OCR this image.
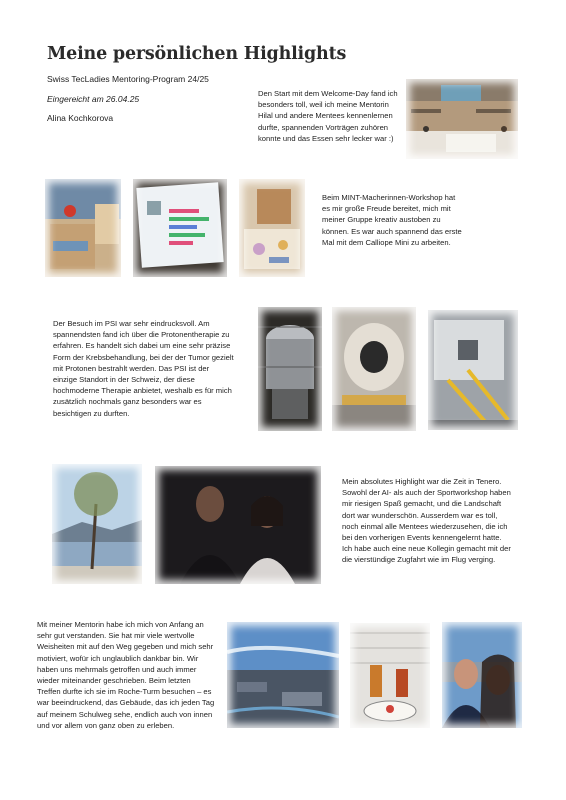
Meine persönlichen Highlights
Swiss TecLadies Mentoring-Program 24/25
Eingereicht am 26.04.25
Alina Kochkorova
Den Start mit dem Welcome-Day fand ich besonders toll, weil ich meine Mentorin Hilal und andere Mentees kennenlernen durfte, spannenden Vorträgen zuhören konnte und das Essen sehr lecker war :)
Beim MINT-Macherinnen-Workshop hat es mir große Freude bereitet, mich mit meiner Gruppe kreativ austoben zu können. Es war auch spannend das erste Mal mit dem Calliope Mini zu arbeiten.
Der Besuch im PSI war sehr eindrucksvoll. Am spannendsten fand ich über die Protonentherapie zu erfahren. Es handelt sich dabei um eine sehr präzise Form der Krebsbehandlung, bei der der Tumor gezielt mit Protonen bestrahlt werden. Das PSI ist der einzige Standort in der Schweiz, der diese hochmoderne Therapie anbietet, weshalb es für mich zusätzlich nochmals ganz besonders war es besichtigen zu durften.
Mein absolutes Highlight war die Zeit in Tenero. Sowohl der AI- als auch der Sportworkshop haben mir riesigen Spaß gemacht, und die Landschaft dort war wunderschön. Ausserdem war es toll, noch einmal alle Mentees wiederzusehen, die ich bei den vorherigen Events kennengelernt hatte. Ich habe auch eine neue Kollegin gemacht mit der die vierstündige Zugfahrt wie im Flug verging.
Mit meiner Mentorin habe ich mich von Anfang an sehr gut verstanden. Sie hat mir viele wertvolle Weisheiten mit auf den Weg gegeben und mich sehr motiviert, wofür ich unglaublich dankbar bin. Wir haben uns mehrmals getroffen und auch immer wieder miteinander geschrieben. Beim letzten Treffen durfte ich sie im Roche-Turm besuchen – es war beeindruckend, das Gebäude, das ich jeden Tag auf meinem Schulweg sehe, endlich auch von innen und vor allem von ganz oben zu erleben.
